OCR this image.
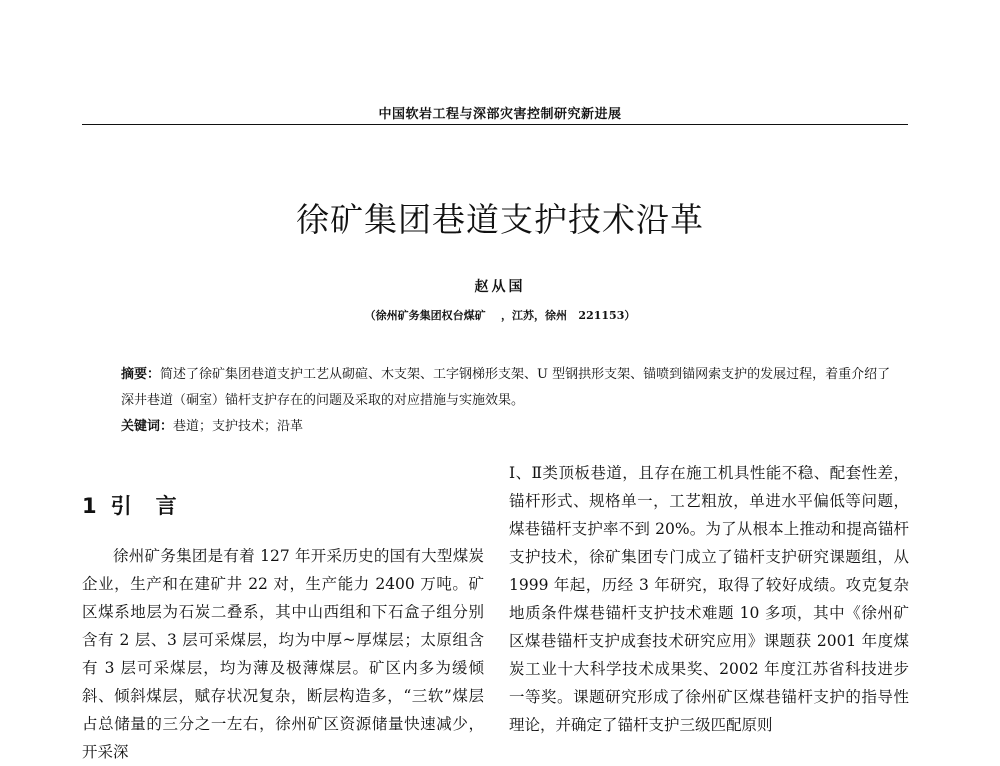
中国软岩工程与深部灾害控制研究新进展
徐矿集团巷道支护技术沿革
赵从国
（徐州矿务集团权台煤矿    ，江苏，徐州   221153）

摘要：简述了徐矿集团巷道支护工艺从砌碹、木支架、工字钢梯形支架、U 型钢拱形支架、锚喷到锚网索支护的发展过程，着重介绍了深井巷道（硐室）锚杆支护存在的问题及采取的对应措施与实施效果。

关键词：巷道；支护技术；沿革

1 引言

徐州矿务集团是有着 127 年开采历史的国有大型煤炭企业，生产和在建矿井 22 对，生产能力 2400 万吨。矿区煤系地层为石炭二叠系，其中山西组和下石盒子组分别含有 2 层、3 层可采煤层，均为中厚~厚煤层；太原组含有 3 层可采煤层，均为薄及极薄煤层。矿区内多为缓倾斜、倾斜煤层，赋存状况复杂，断层构造多，“三软”煤层占总储量的三分之一左右，徐州矿区资源储量快速减少，开采深

Ⅰ、Ⅱ类顶板巷道，且存在施工机具性能不稳、配套性差，锚杆形式、规格单一，工艺粗放，单进水平偏低等问题，煤巷锚杆支护率不到 20%。为了从根本上推动和提高锚杆支护技术，徐矿集团专门成立了锚杆支护研究课题组，从 1999 年起，历经 3 年研究，取得了较好成绩。攻克复杂地质条件煤巷锚杆支护技术难题 10 多项，其中《徐州矿区煤巷锚杆支护成套技术研究应用》课题获 2001 年度煤炭工业十大科学技术成果奖、2002 年度江苏省科技进步一等奖。课题研究形成了徐州矿区煤巷锚杆支护的指导性理论，并确定了锚杆支护三级匹配原则
